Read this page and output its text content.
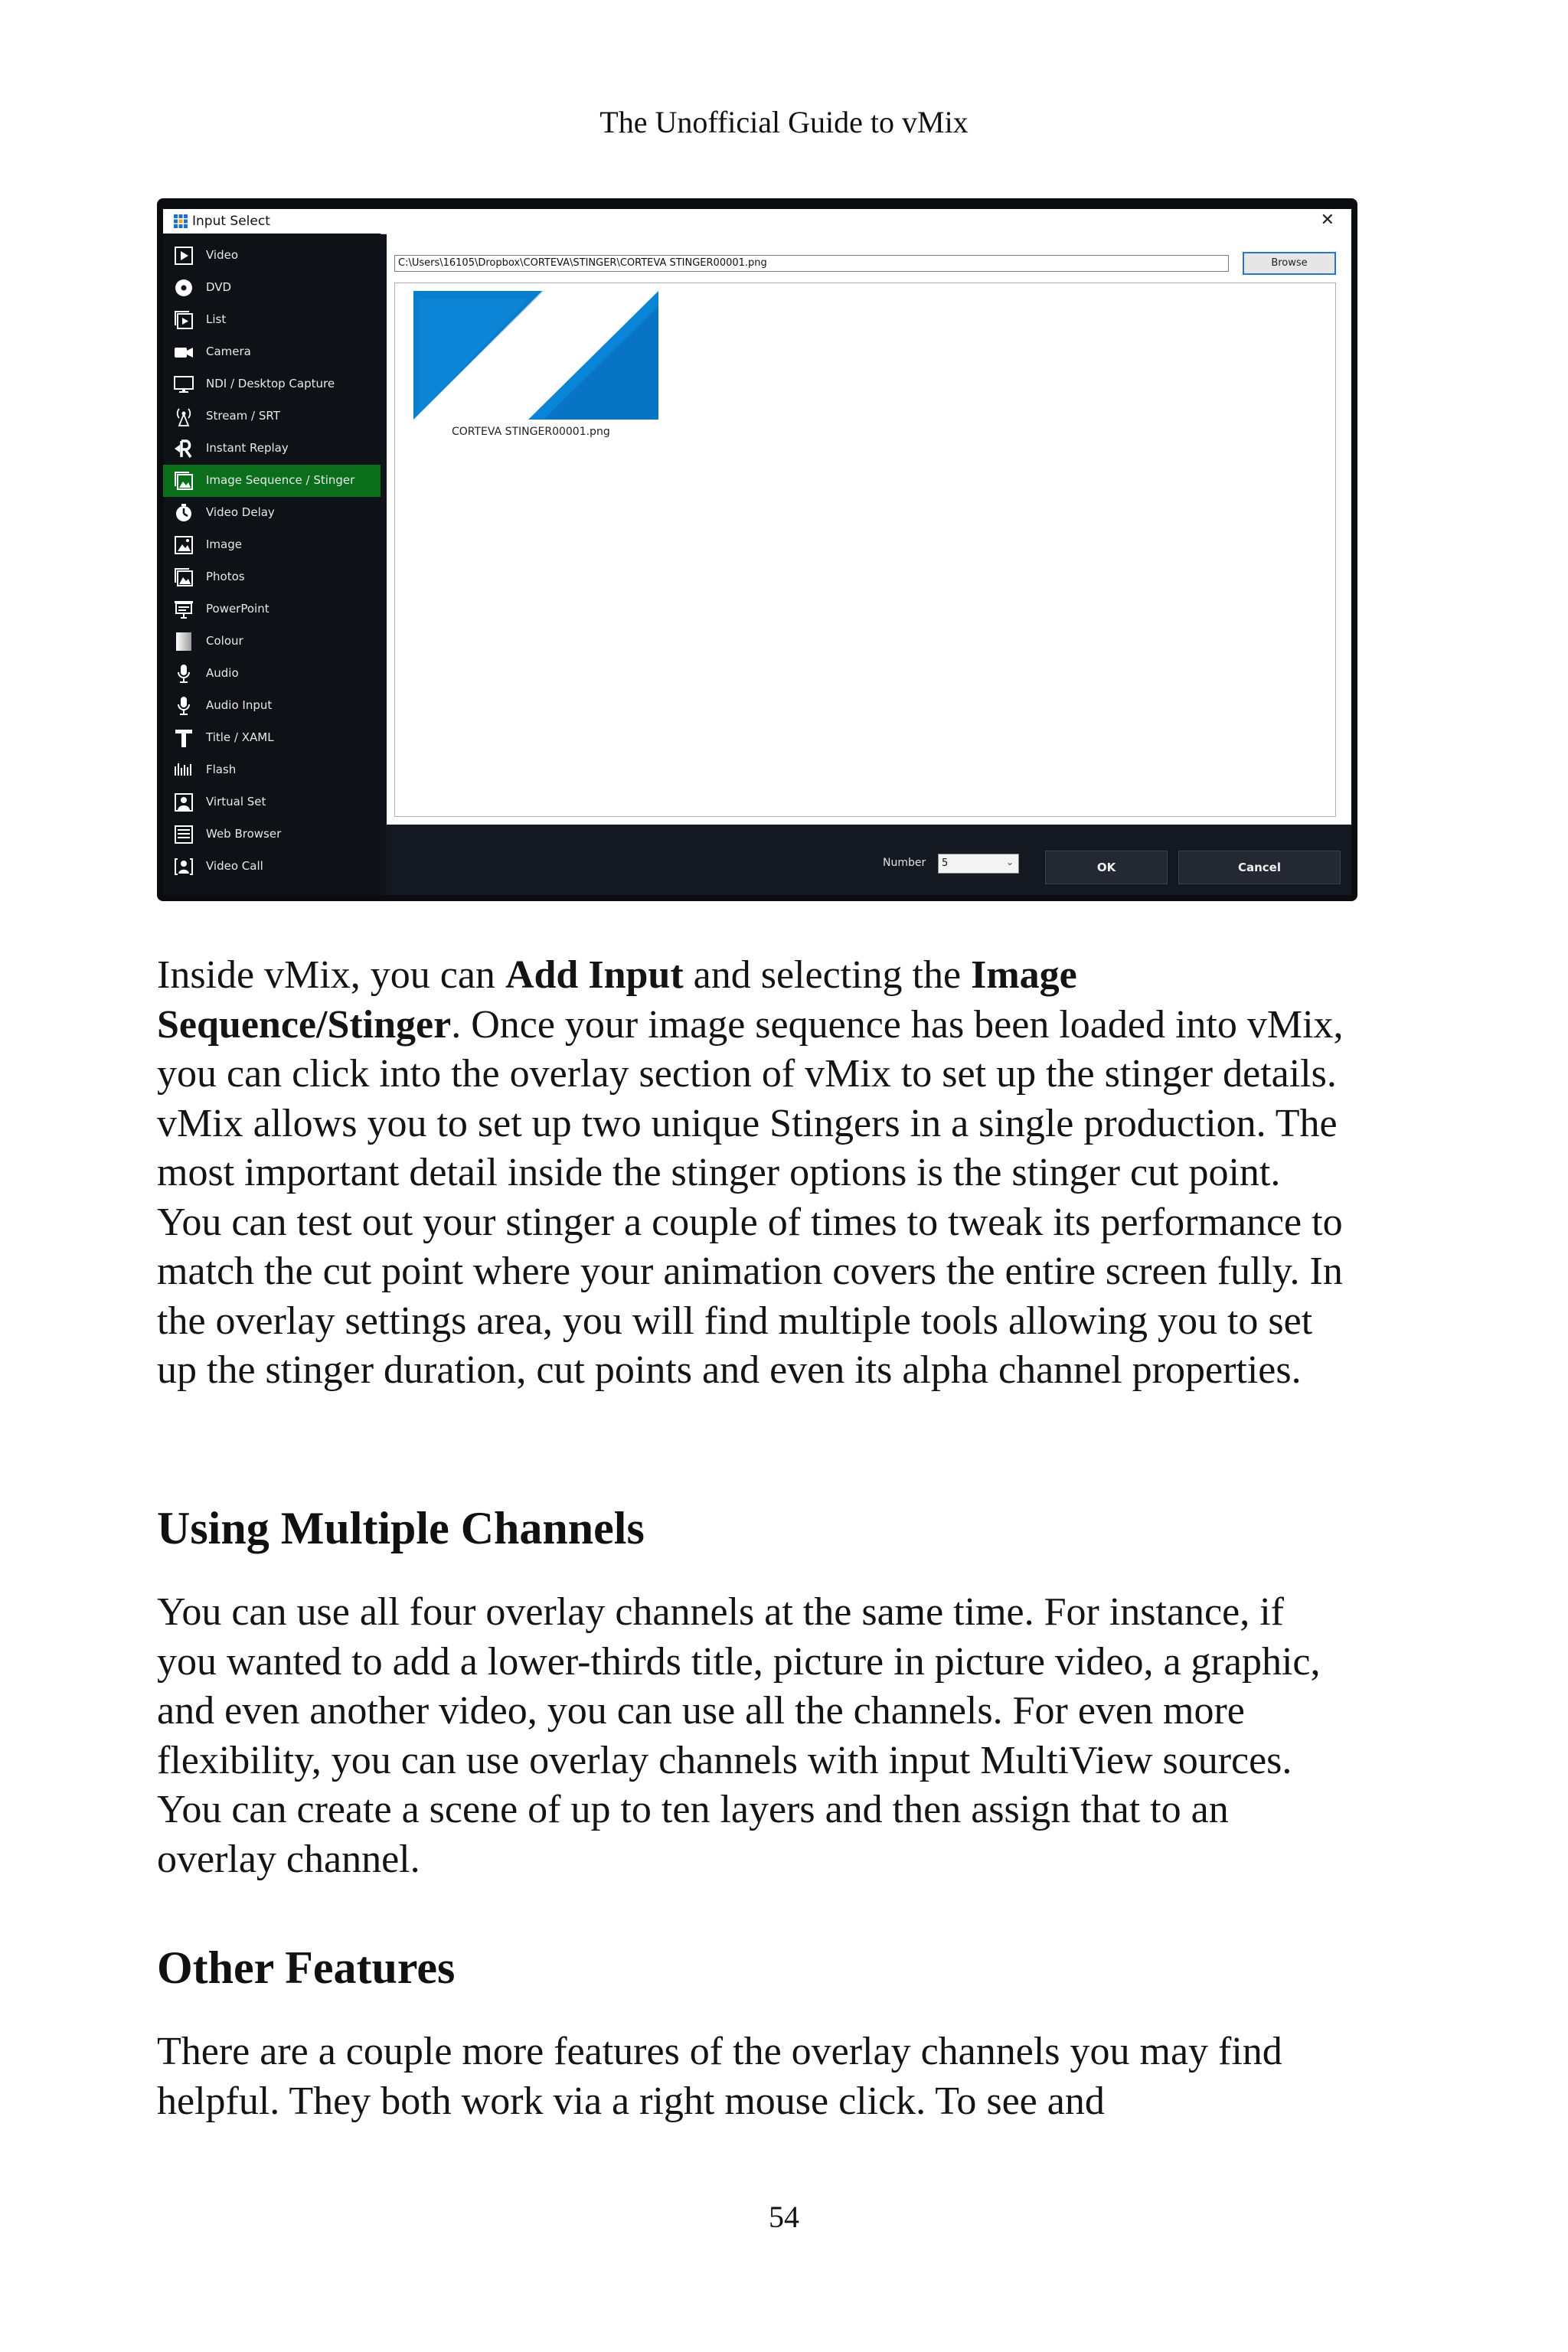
The Unofficial Guide to vMix
Input Select	✕
Video
DVD
List
Camera
NDI / Desktop Capture
Stream / SRT
Instant Replay
Image Sequence / Stinger
Video Delay
Image
Photos
PowerPoint
Colour
Audio
Audio Input
Title / XAML
Flash
Virtual Set
Web Browser
Video Call
C:\Users\16105\Dropbox\CORTEVA\STINGER\CORTEVA STINGER00001.png	Browse
CORTEVA STINGER00001.png
Number 5	⌄	OK	Cancel

Inside vMix, you can Add Input and selecting the Image Sequence/Stinger. Once your image sequence has been loaded into vMix, you can click into the overlay section of vMix to set up the stinger details. vMix allows you to set up two unique Stingers in a single production. The most important detail inside the stinger options is the stinger cut point. You can test out your stinger a couple of times to tweak its performance to match the cut point where your animation covers the entire screen fully. In the overlay settings area, you will find multiple tools allowing you to set up the stinger duration, cut points and even its alpha channel properties.

Using Multiple Channels

You can use all four overlay channels at the same time. For instance, if you wanted to add a lower-thirds title, picture in picture video, a graphic, and even another video, you can use all the channels. For even more flexibility, you can use overlay channels with input MultiView sources. You can create a scene of up to ten layers and then assign that to an overlay channel.

Other Features

There are a couple more features of the overlay channels you may find helpful. They both work via a right mouse click. To see and

54
